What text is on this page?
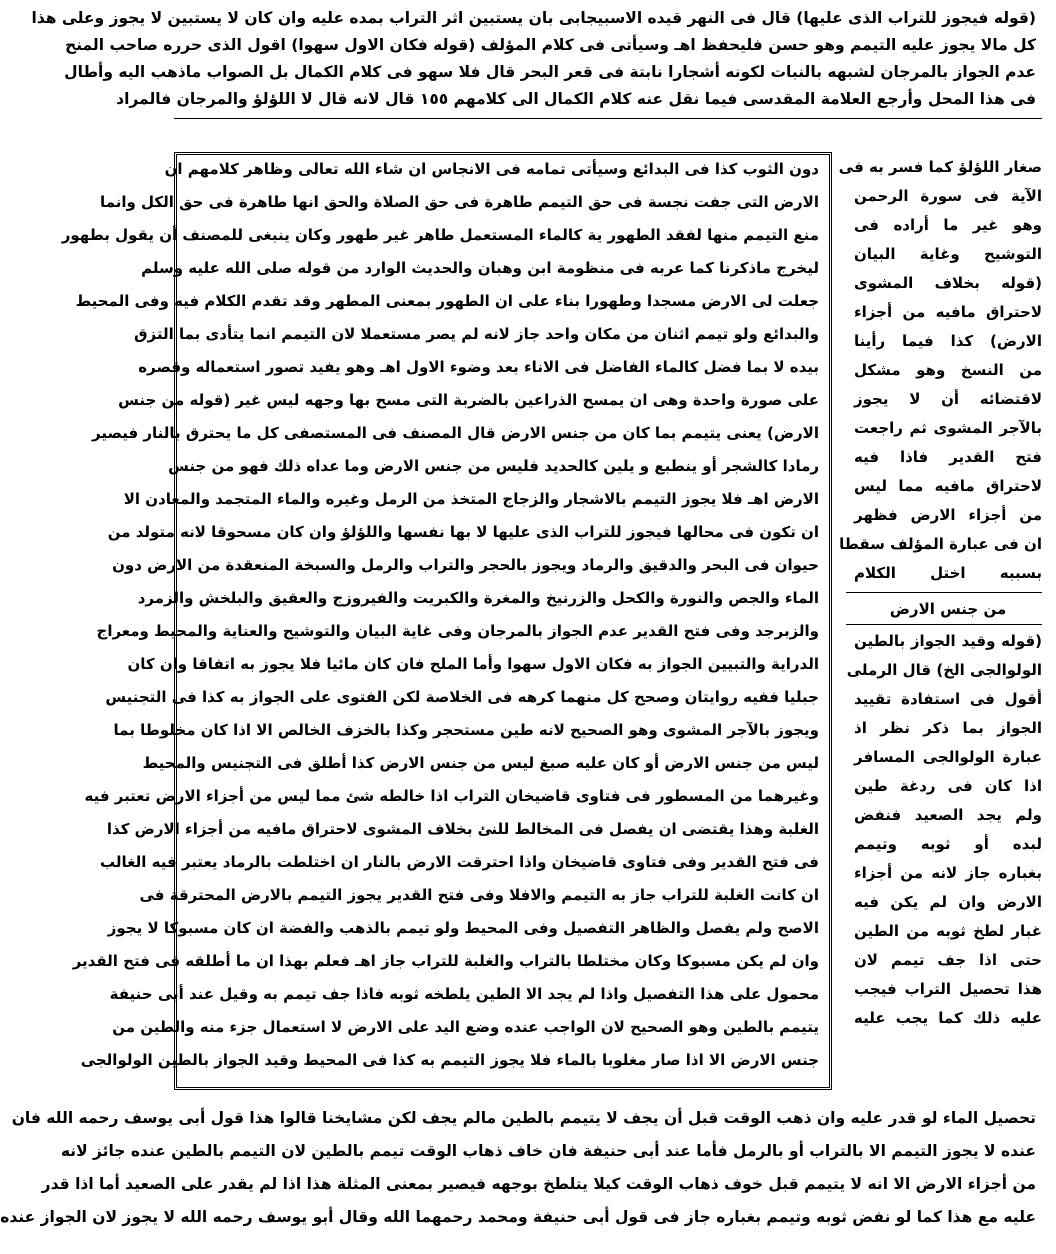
(قوله فيجوز للتراب الذى عليها) قال فى النهر قيده الاسبيجابى بان يستبين اثر التراب بمده عليه وان كان لا يستبين لا يجوز وعلى هذا
كل مالا يجوز عليه التيمم وهو حسن فليحفظ اهـ وسيأتى فى كلام المؤلف (قوله فكان الاول سهوا) اقول الذى حرره صاحب المنح
عدم الجواز بالمرجان لشبهه بالنبات لكونه أشجارا نابتة فى قعر البحر قال فلا سهو فى كلام الكمال بل الصواب ماذهب اليه وأطال
فى هذا المحل وأرجع العلامة المقدسى فيما نقل عنه كلام الكمال الى كلامهم ١٥٥ قال لانه قال لا اللؤلؤ والمرجان فالمراد
دون الثوب كذا فى البدائع وسيأتى تمامه فى الانجاس ان شاء الله تعالى وظاهر كلامهم ان
الارض التى جفت نجسة فى حق التيمم طاهرة فى حق الصلاة والحق انها طاهرة فى حق الكل وانما
منع التيمم منها لفقد الطهور ية كالماء المستعمل طاهر غير طهور وكان ينبغى للمصنف أن يقول بطهور
ليخرج ماذكرنا كما عربه فى منظومة ابن وهبان والحديث الوارد من قوله صلى الله عليه وسلم
جعلت لى الارض مسجدا وطهورا بناء على ان الطهور بمعنى المطهر وقد تقدم الكلام فيه وفى المحيط
والبدائع ولو تيمم اثنان من مكان واحد جاز لانه لم يصر مستعملا لان التيمم انما يتأدى بما التزق
بيده لا بما فضل كالماء الفاضل فى الاناء بعد وضوء الاول اهـ وهو يفيد تصور استعماله وقصره
على صورة واحدة وهى ان يمسح الذراعين بالضربة التى مسح بها وجهه ليس غير (قوله من جنس
الارض) يعنى يتيمم بما كان من جنس الارض قال المصنف فى المستصفى كل ما يحترق بالنار فيصير
رمادا كالشجر أو ينطبع و يلين كالحديد فليس من جنس الارض وما عداه ذلك فهو من جنس
الارض اهـ فلا يجوز التيمم بالاشجار والزجاج المتخذ من الرمل وغيره والماء المتجمد والمعادن الا
ان تكون فى محالها فيجوز للتراب الذى عليها لا بها نفسها واللؤلؤ وان كان مسحوقا لانه متولد من
حيوان فى البحر والدقيق والرماد ويجوز بالحجر والتراب والرمل والسبخة المنعقدة من الارض دون
الماء والجص والنورة والكحل والزرنيخ والمغرة والكبريت والفيروزج والعقيق والبلخش والزمرد
والزبرجد وفى فتح القدير عدم الجواز بالمرجان وفى غاية البيان والتوشيح والعناية والمحيط ومعراج
الدراية والتبيين الجواز به فكان الاول سهوا وأما الملح فان كان مائيا فلا يجوز به اتفاقا وان كان
جبليا ففيه روايتان وصحح كل منهما كرهه فى الخلاصة لكن الفتوى على الجواز به كذا فى التجنيس
ويجوز بالآجر المشوى وهو الصحيح لانه طين مستحجر وكذا بالخزف الخالص الا اذا كان مخلوطا بما
ليس من جنس الارض أو كان عليه صبغ ليس من جنس الارض كذا أطلق فى التجنيس والمحيط
وغيرهما من المسطور فى فتاوى قاضيخان التراب اذا خالطه شئ مما ليس من أجزاء الارض تعتبر فيه
الغلبة وهذا يقتضى ان يفصل فى المخالط للنئ بخلاف المشوى لاحتراق مافيه من أجزاء الارض كذا
فى فتح القدير وفى فتاوى قاضيخان واذا احترقت الارض بالنار ان اختلطت بالرماد يعتبر فيه الغالب
ان كانت الغلبة للتراب جاز به التيمم والافلا وفى فتح القدير يجوز التيمم بالارض المحترقة فى
الاصح ولم يفصل والظاهر التفصيل وفى المحيط ولو تيمم بالذهب والفضة ان كان مسبوكا لا يجوز
وان لم يكن مسبوكا وكان مختلطا بالتراب والغلبة للتراب جاز اهـ فعلم بهذا ان ما أطلقه فى فتح القدير
محمول على هذا التفصيل واذا لم يجد الا الطين يلطخه ثوبه فاذا جف تيمم به وقيل عند أبى حنيفة
يتيمم بالطين وهو الصحيح لان الواجب عنده وضع اليد على الارض لا استعمال جزء منه والطين من
جنس الارض الا اذا صار مغلوبا بالماء فلا يجوز التيمم به كذا فى المحيط وقيد الجواز بالطين الولوالجى
صغار اللؤلؤ كما فسر به فى
الآية فى سورة الرحمن
وهو غير ما أراده فى
التوشيح وغاية البيان
(قوله بخلاف المشوى
لاحتراق مافيه من أجزاء
الارض) كذا فيما رأينا
من النسخ وهو مشكل
لاقتضائه أن لا يجوز
بالآجر المشوى ثم راجعت
فتح القدير فاذا فيه
لاحتراق مافيه مما ليس
من أجزاء الارض فظهر
ان فى عبارة المؤلف سقطا
بسببه اختل الكلام
من جنس الارض
(قوله وقيد الجواز بالطين
الولوالجى الخ) قال الرملى
أقول فى استفادة تقييد
الجواز بما ذكر نظر اذ
عبارة الولوالجى المسافر
اذا كان فى ردغة طين
ولم يجد الصعيد فنفض
لبده أو ثوبه وتيمم
بغباره جاز لانه من أجزاء
الارض وان لم يكن فيه
غبار لطخ ثوبه من الطين
حتى اذا جف تيمم لان
هذا تحصيل التراب فيجب
عليه ذلك كما يجب عليه
تحصيل الماء لو قدر عليه وان ذهب الوقت قبل أن يجف لا يتيمم بالطين مالم يجف لكن مشايخنا قالوا هذا قول أبى يوسف رحمه الله فان
عنده لا يجوز التيمم الا بالتراب أو بالرمل فأما عند أبى حنيفة فان خاف ذهاب الوقت تيمم بالطين لان التيمم بالطين عنده جائز لانه
من أجزاء الارض الا انه لا يتيمم قبل خوف ذهاب الوقت كيلا يتلطخ بوجهه فيصير بمعنى المثلة هذا اذا لم يقدر على الصعيد أما اذا قدر
عليه مع هذا كما لو نفض ثوبه وتيمم بغباره جاز فى قول أبى حنيفة ومحمد رحمهما الله وقال أبو يوسف رحمه الله لا يجوز لان الجواز عنده
